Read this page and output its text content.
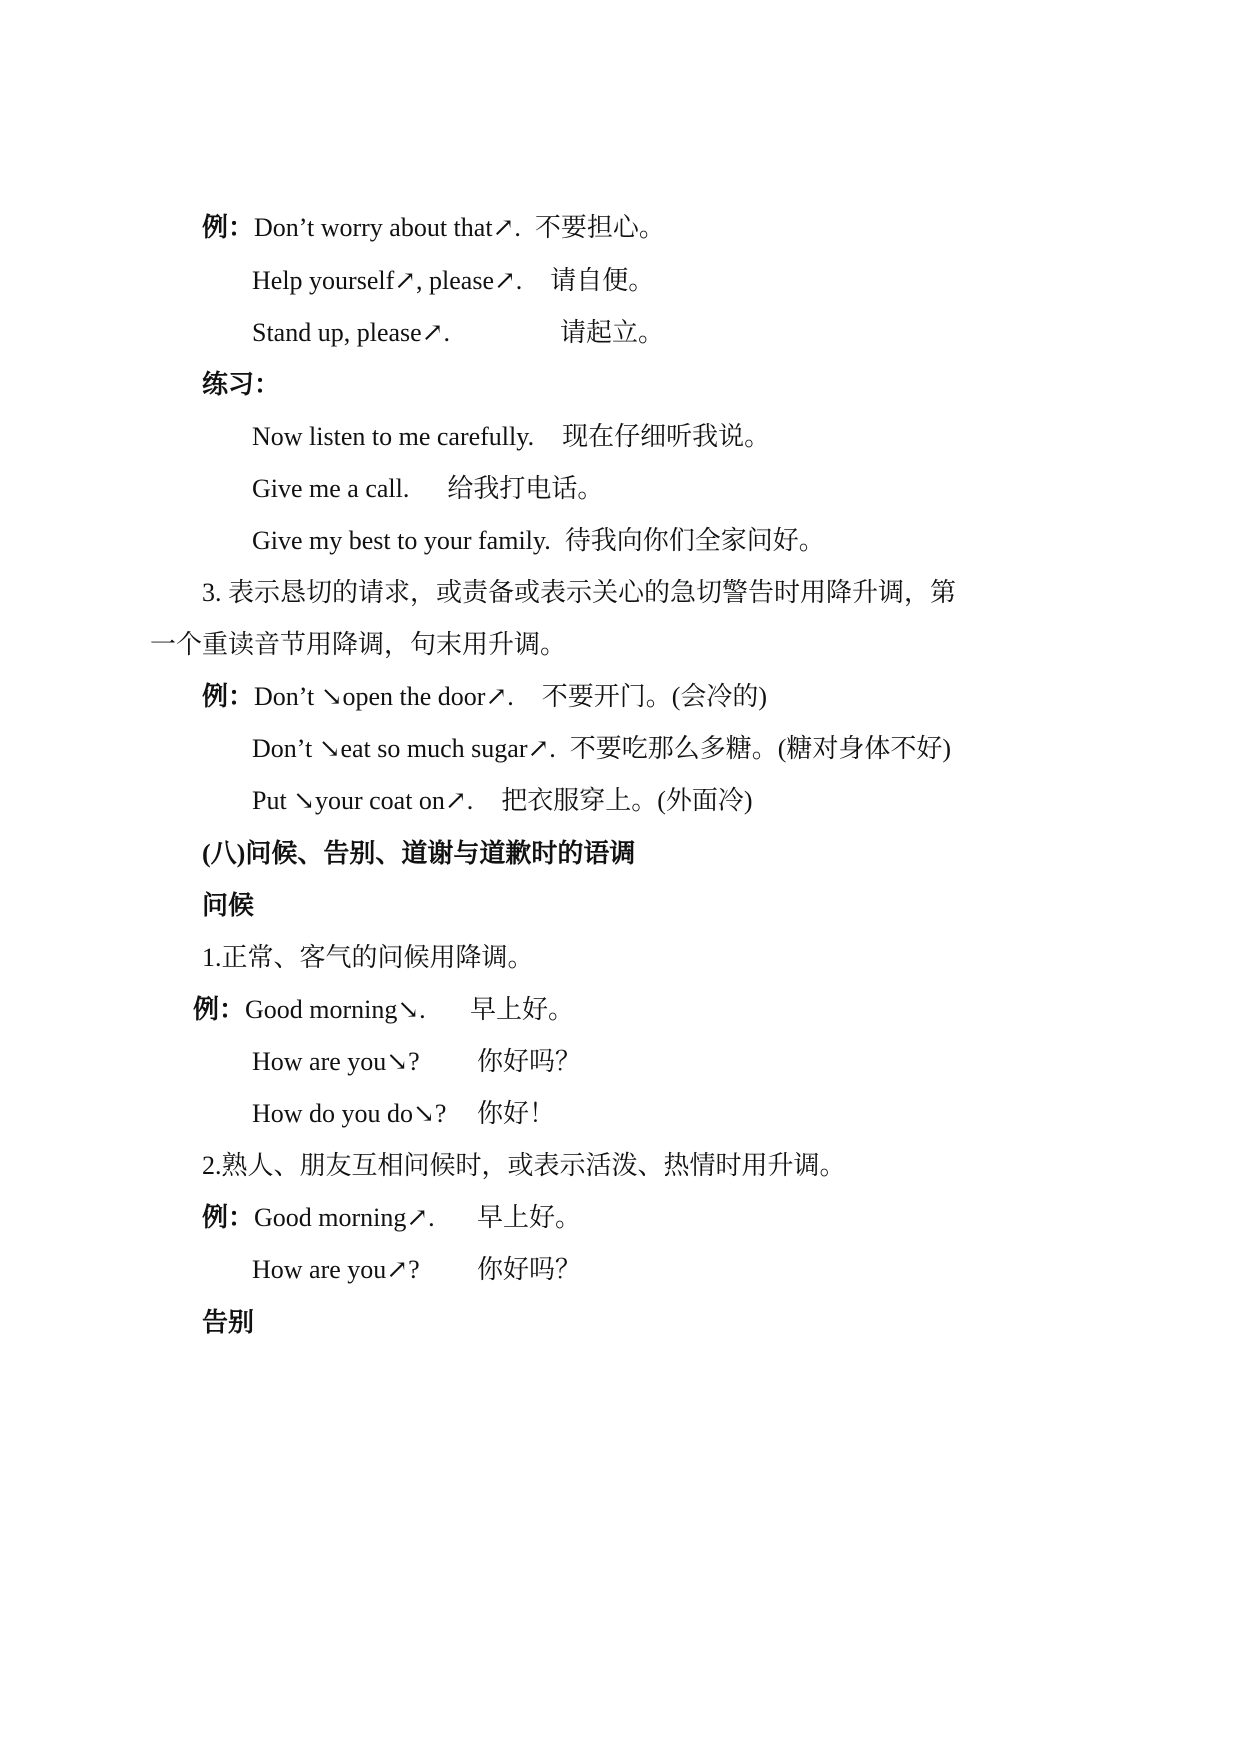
例：Don’t worry about that↗. 不要担心。
Help yourself↗, please↗. 请自便。
Stand up, please↗.	请起立。
练习：
Now listen to me carefully. 现在仔细听我说。
Give me a call. 给我打电话。
Give my best to your family. 待我向你们全家问好。
3. 表示恳切的请求，或责备或表示关心的急切警告时用降升调，第
一个重读音节用降调，句末用升调。
例：Don’t ↘open the door↗. 不要开门。(会冷的)
Don’t ↘eat so much sugar↗. 不要吃那么多糖。(糖对身体不好)
Put ↘your coat on↗. 把衣服穿上。(外面冷)
(八)问候、告别、道谢与道歉时的语调
问候
1.正常、客气的问候用降调。
例：Good morning↘. 早上好。
How are you↘? 你好吗？
How do you do↘? 你好！
2.熟人、朋友互相问候时，或表示活泼、热情时用升调。
例：Good morning↗. 早上好。
How are you↗? 你好吗？
告别
